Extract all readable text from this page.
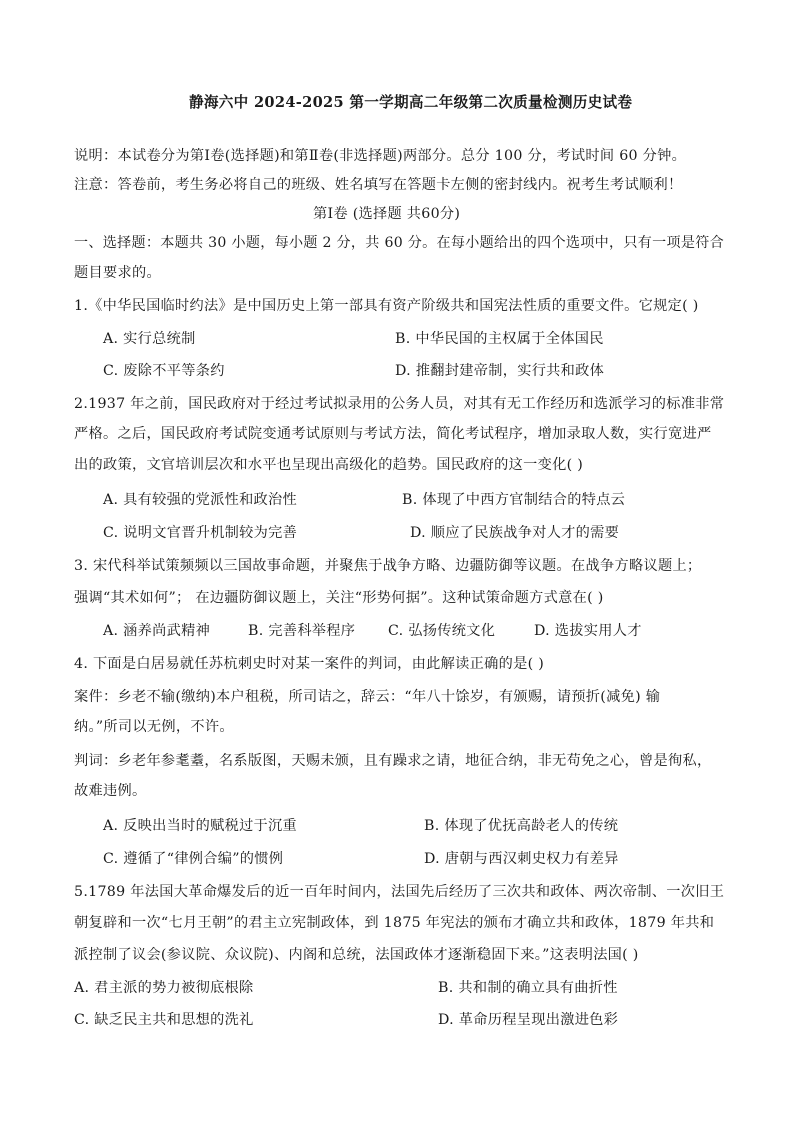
静海六中 2024-2025 第一学期高二年级第二次质量检测历史试卷
说明：本试卷分为第Ⅰ卷(选择题)和第Ⅱ卷(非选择题)两部分。总分 100 分，考试时间 60 分钟。
注意：答卷前，考生务必将自己的班级、姓名填写在答题卡左侧的密封线内。祝考生考试顺利！
第Ⅰ卷 (选择题 共60分)
一、选择题：本题共 30 小题，每小题 2 分，共 60 分。在每小题给出的四个选项中，只有一项是符合
题目要求的。
1.《中华民国临时约法》是中国历史上第一部具有资产阶级共和国宪法性质的重要文件。它规定( )
A. 实行总统制	B. 中华民国的主权属于全体国民
C. 废除不平等条约	D. 推翻封建帝制，实行共和政体
2.1937 年之前，国民政府对于经过考试拟录用的公务人员，对其有无工作经历和选派学习的标准非常
严格。之后，国民政府考试院变通考试原则与考试方法，简化考试程序，增加录取人数，实行宽进严
出的政策，文官培训层次和水平也呈现出高级化的趋势。国民政府的这一变化( )
A. 具有较强的党派性和政治性	B. 体现了中西方官制结合的特点云
C. 说明文官晋升机制较为完善	D. 顺应了民族战争对人才的需要
3. 宋代科举试策频频以三国故事命题，并聚焦于战争方略、边疆防御等议题。在战争方略议题上；
强调“其术如何”； 在边疆防御议题上，关注“形势何据”。这种试策命题方式意在( )
A. 涵养尚武精神	B. 完善科举程序 C. 弘扬传统文化	D. 选拔实用人才
4. 下面是白居易就任苏杭刺史时对某一案件的判词，由此解读正确的是( )
案件：乡老不输(缴纳)本户租税，所司诘之，辞云：“年八十馀岁，有颁赐，请预折(减免) 输
纳。”所司以无例，不许。
判词：乡老年参耄耋，名系版图，天赐未颁，且有躁求之请，地征合纳，非无苟免之心，曾是徇私，
故难违例。
A. 反映出当时的赋税过于沉重	B. 体现了优抚高龄老人的传统
C. 遵循了“律例合编”的惯例	D. 唐朝与西汉刺史权力有差异
5.1789 年法国大革命爆发后的近一百年时间内，法国先后经历了三次共和政体、两次帝制、一次旧王
朝复辟和一次“七月王朝”的君主立宪制政体，到 1875 年宪法的颁布才确立共和政体，1879 年共和
派控制了议会(参议院、众议院)、内阁和总统，法国政体才逐渐稳固下来。”这表明法国( )
A. 君主派的势力被彻底根除	B. 共和制的确立具有曲折性
C. 缺乏民主共和思想的洗礼	D. 革命历程呈现出激进色彩
